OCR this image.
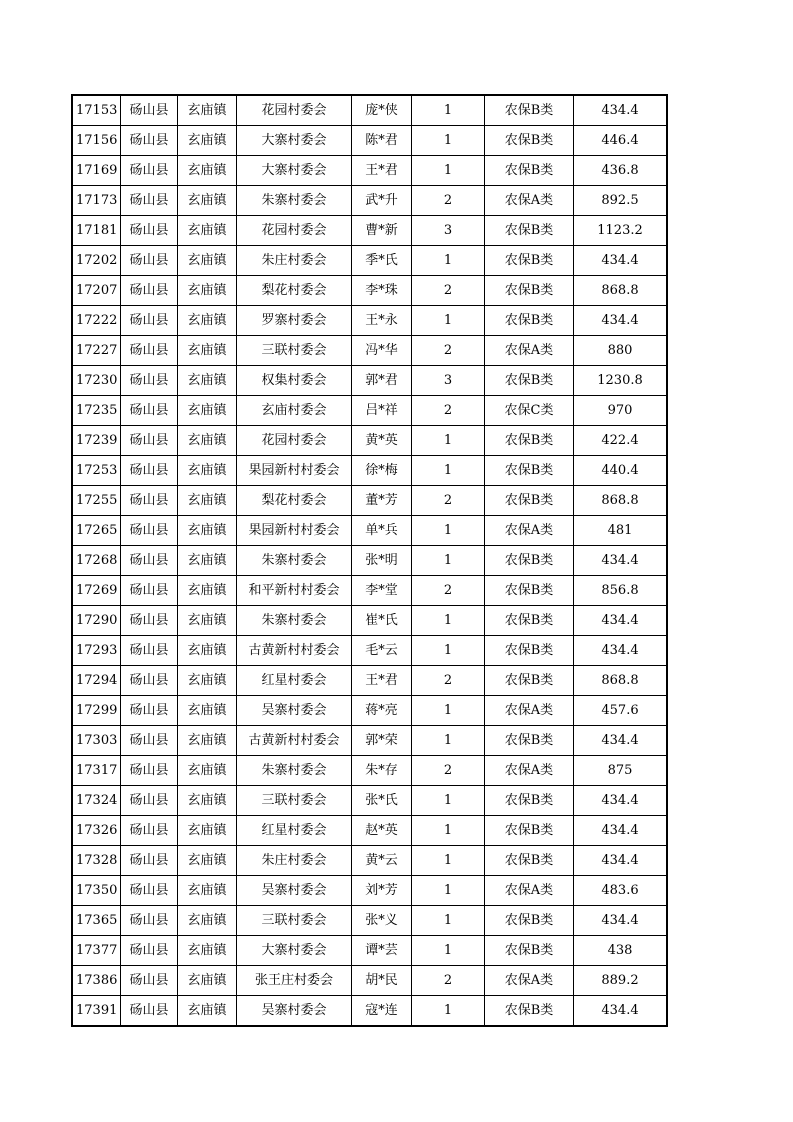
17153	砀山县	玄庙镇	花园村委会	庞*侠	1	农保B类	434.4
17156	砀山县	玄庙镇	大寨村委会	陈*君	1	农保B类	446.4
17169	砀山县	玄庙镇	大寨村委会	王*君	1	农保B类	436.8
17173	砀山县	玄庙镇	朱寨村委会	武*升	2	农保A类	892.5
17181	砀山县	玄庙镇	花园村委会	曹*新	3	农保B类	1123.2
17202	砀山县	玄庙镇	朱庄村委会	季*氏	1	农保B类	434.4
17207	砀山县	玄庙镇	梨花村委会	李*珠	2	农保B类	868.8
17222	砀山县	玄庙镇	罗寨村委会	王*永	1	农保B类	434.4
17227	砀山县	玄庙镇	三联村委会	冯*华	2	农保A类	880
17230	砀山县	玄庙镇	权集村委会	郭*君	3	农保B类	1230.8
17235	砀山县	玄庙镇	玄庙村委会	吕*祥	2	农保C类	970
17239	砀山县	玄庙镇	花园村委会	黄*英	1	农保B类	422.4
17253	砀山县	玄庙镇	果园新村村委会	徐*梅	1	农保B类	440.4
17255	砀山县	玄庙镇	梨花村委会	董*芳	2	农保B类	868.8
17265	砀山县	玄庙镇	果园新村村委会	单*兵	1	农保A类	481
17268	砀山县	玄庙镇	朱寨村委会	张*明	1	农保B类	434.4
17269	砀山县	玄庙镇	和平新村村委会	李*堂	2	农保B类	856.8
17290	砀山县	玄庙镇	朱寨村委会	崔*氏	1	农保B类	434.4
17293	砀山县	玄庙镇	古黄新村村委会	毛*云	1	农保B类	434.4
17294	砀山县	玄庙镇	红星村委会	王*君	2	农保B类	868.8
17299	砀山县	玄庙镇	吴寨村委会	蒋*亮	1	农保A类	457.6
17303	砀山县	玄庙镇	古黄新村村委会	郭*荣	1	农保B类	434.4
17317	砀山县	玄庙镇	朱寨村委会	朱*存	2	农保A类	875
17324	砀山县	玄庙镇	三联村委会	张*氏	1	农保B类	434.4
17326	砀山县	玄庙镇	红星村委会	赵*英	1	农保B类	434.4
17328	砀山县	玄庙镇	朱庄村委会	黄*云	1	农保B类	434.4
17350	砀山县	玄庙镇	吴寨村委会	刘*芳	1	农保A类	483.6
17365	砀山县	玄庙镇	三联村委会	张*义	1	农保B类	434.4
17377	砀山县	玄庙镇	大寨村委会	谭*芸	1	农保B类	438
17386	砀山县	玄庙镇	张王庄村委会	胡*民	2	农保A类	889.2
17391	砀山县	玄庙镇	吴寨村委会	寇*连	1	农保B类	434.4
